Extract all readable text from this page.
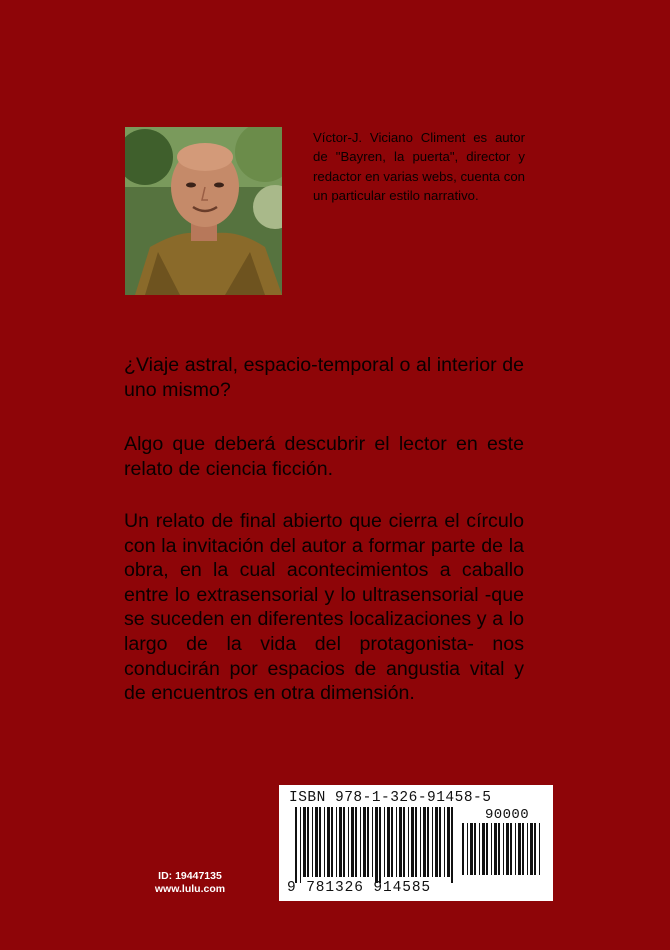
Víctor-J. Viciano Climent es autor de "Bayren, la puerta", director y redactor en varias webs, cuenta con un particular estilo narrativo.
¿Viaje astral, espacio-temporal o al interior de uno mismo?
Algo que deberá descubrir el lector en este relato de ciencia ficción.
Un relato de final abierto que cierra el círculo con la invitación del autor a formar parte de la obra, en la cual acontecimientos a caballo entre lo extrasensorial y lo ultrasensorial -que se suceden en diferentes localizaciones y a lo largo de la vida del protagonista- nos conducirán por espacios de angustia vital y de encuentros en otra dimensión.
ISBN 978-1-326-91458-5
90000
9 781326 914585
ID: 19447135
www.lulu.com
